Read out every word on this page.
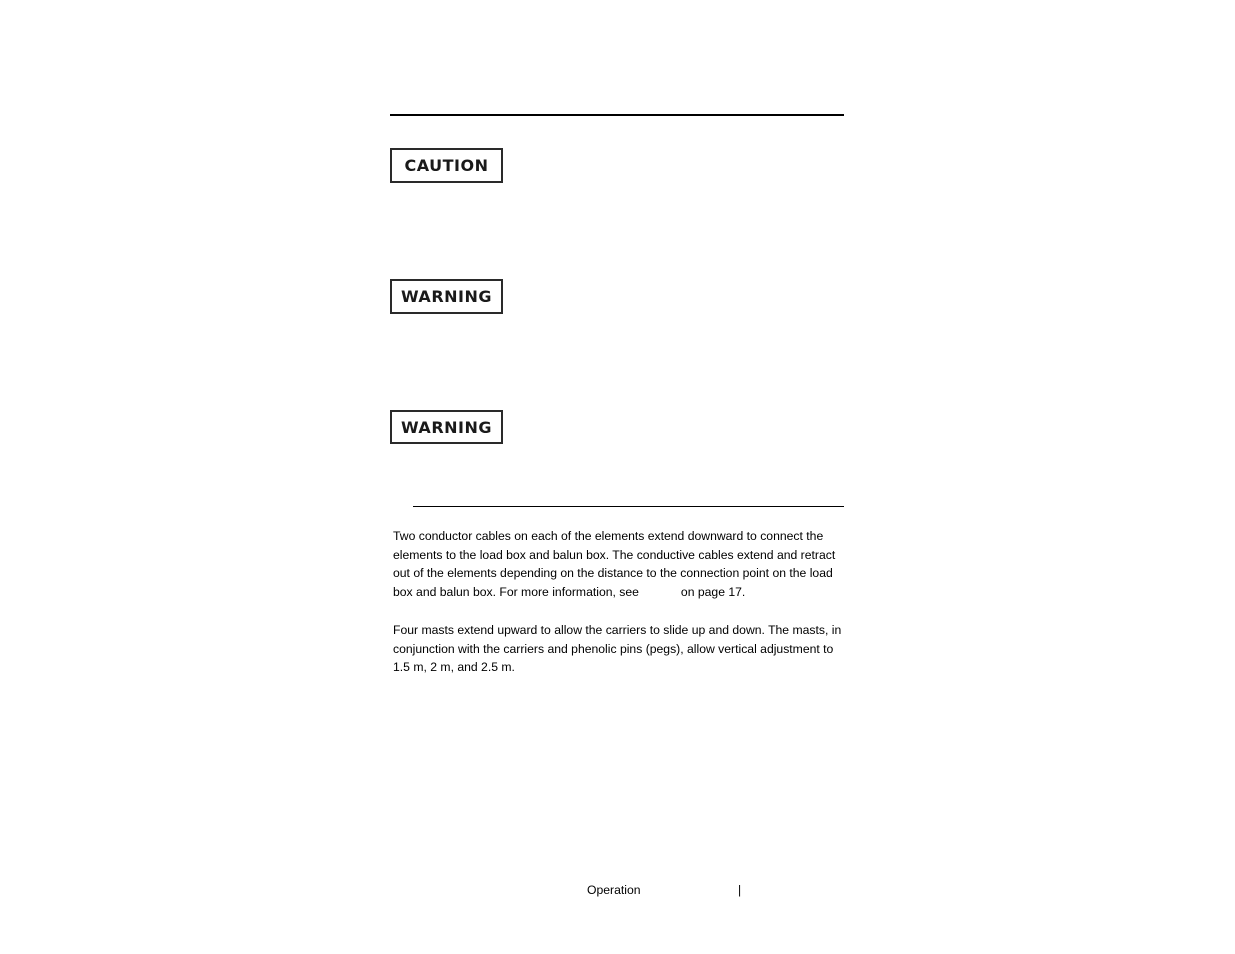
CAUTION
WARNING
WARNING

Two conductor cables on each of the elements extend downward to connect the elements to the load box and balun box. The conductive cables extend and retract out of the elements depending on the distance to the connection point on the load box and balun box. For more information, see	on page 17.

Four masts extend upward to allow the carriers to slide up and down. The masts, in conjunction with the carriers and phenolic pins (pegs), allow vertical adjustment to 1.5 m, 2 m, and 2.5 m.

Operation	|
